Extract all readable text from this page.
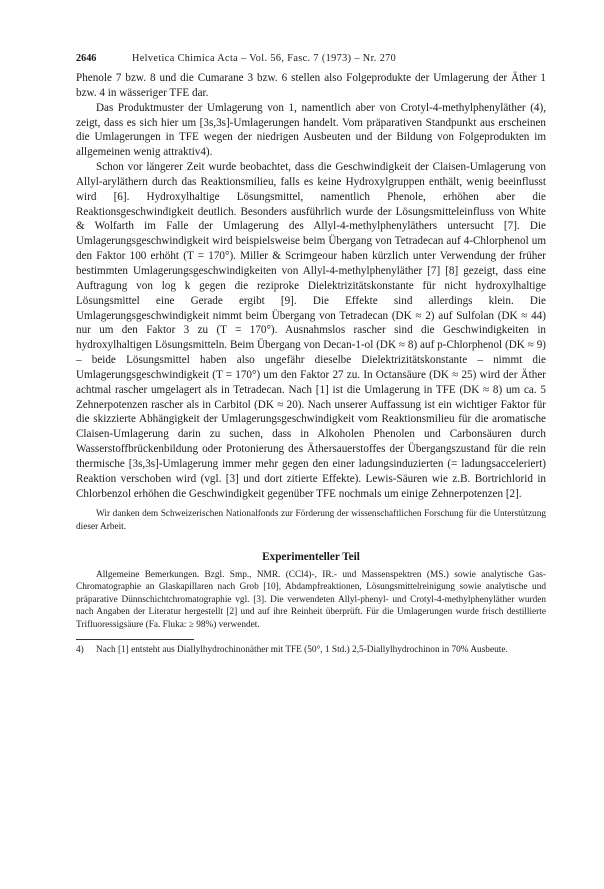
2646	Helvetica Chimica Acta – Vol. 56, Fasc. 7 (1973) – Nr. 270

Phenole 7 bzw. 8 und die Cumarane 3 bzw. 6 stellen also Folgeprodukte der Umlagerung der Äther 1 bzw. 4 in wässeriger TFE dar.

Das Produktmuster der Umlagerung von 1, namentlich aber von Crotyl-4-methylphenyläther (4), zeigt, dass es sich hier um [3s,3s]-Umlagerungen handelt. Vom präparativen Standpunkt aus erscheinen die Umlagerungen in TFE wegen der niedrigen Ausbeuten und der Bildung von Folgeprodukten im allgemeinen wenig attraktiv4).

Schon vor längerer Zeit wurde beobachtet, dass die Geschwindigkeit der Claisen-Umlagerung von Allyl-aryläthern durch das Reaktionsmilieu, falls es keine Hydroxylgruppen enthält, wenig beeinflusst wird [6]. Hydroxylhaltige Lösungsmittel, namentlich Phenole, erhöhen aber die Reaktionsgeschwindigkeit deutlich. Besonders ausführlich wurde der Lösungsmitteleinfluss von White & Wolfarth im Falle der Umlagerung des Allyl-4-methylphenyläthers untersucht [7]. Die Umlagerungsgeschwindigkeit wird beispielsweise beim Übergang von Tetradecan auf 4-Chlorphenol um den Faktor 100 erhöht (T = 170°). Miller & Scrimgeour haben kürzlich unter Verwendung der früher bestimmten Umlagerungsgeschwindigkeiten von Allyl-4-methylphenyläther [7] [8] gezeigt, dass eine Auftragung von log k gegen die reziproke Dielektrizitätskonstante für nicht hydroxylhaltige Lösungsmittel eine Gerade ergibt [9]. Die Effekte sind allerdings klein. Die Umlagerungsgeschwindigkeit nimmt beim Übergang von Tetradecan (DK ≈ 2) auf Sulfolan (DK ≈ 44) nur um den Faktor 3 zu (T = 170°). Ausnahmslos rascher sind die Geschwindigkeiten in hydroxylhaltigen Lösungsmitteln. Beim Übergang von Decan-1-ol (DK ≈ 8) auf p-Chlorphenol (DK ≈ 9) – beide Lösungsmittel haben also ungefähr dieselbe Dielektrizitätskonstante – nimmt die Umlagerungsgeschwindigkeit (T = 170°) um den Faktor 27 zu. In Octansäure (DK ≈ 25) wird der Äther achtmal rascher umgelagert als in Tetradecan. Nach [1] ist die Umlagerung in TFE (DK ≈ 8) um ca. 5 Zehnerpotenzen rascher als in Carbitol (DK ≈ 20). Nach unserer Auffassung ist ein wichtiger Faktor für die skizzierte Abhängigkeit der Umlagerungsgeschwindigkeit vom Reaktionsmilieu für die aromatische Claisen-Umlagerung darin zu suchen, dass in Alkoholen Phenolen und Carbonsäuren durch Wasserstoffbrückenbildung oder Protonierung des Äthersauerstoffes der Übergangszustand für die rein thermische [3s,3s]-Umlagerung immer mehr gegen den einer ladungsinduzierten (= ladungsacceleriert) Reaktion verschoben wird (vgl. [3] und dort zitierte Effekte). Lewis-Säuren wie z.B. Bortrichlorid in Chlorbenzol erhöhen die Geschwindigkeit gegenüber TFE nochmals um einige Zehnerpotenzen [2].

Wir danken dem Schweizerischen Nationalfonds zur Förderung der wissenschaftlichen Forschung für die Unterstützung dieser Arbeit.

Experimenteller Teil

Allgemeine Bemerkungen. Bzgl. Smp., NMR. (CCl4)-, IR.- und Massenspektren (MS.) sowie analytische Gas-Chromatographie an Glaskapillaren nach Grob [10], Abdampfreaktionen, Lösungsmittelreinigung sowie analytische und präparative Dünnschichtchromatographie vgl. [3]. Die verwendeten Allyl-phenyl- und Crotyl-4-methylphenyläther wurden nach Angaben der Literatur hergestellt [2] und auf ihre Reinheit überprüft. Für die Umlagerungen wurde frisch destillierte Trifluoressigsäure (Fa. Fluka: ≥ 98%) verwendet.

4)	Nach [1] entsteht aus Diallylhydrochinonäther mit TFE (50°, 1 Std.) 2,5-Diallylhydrochinon in 70% Ausbeute.
